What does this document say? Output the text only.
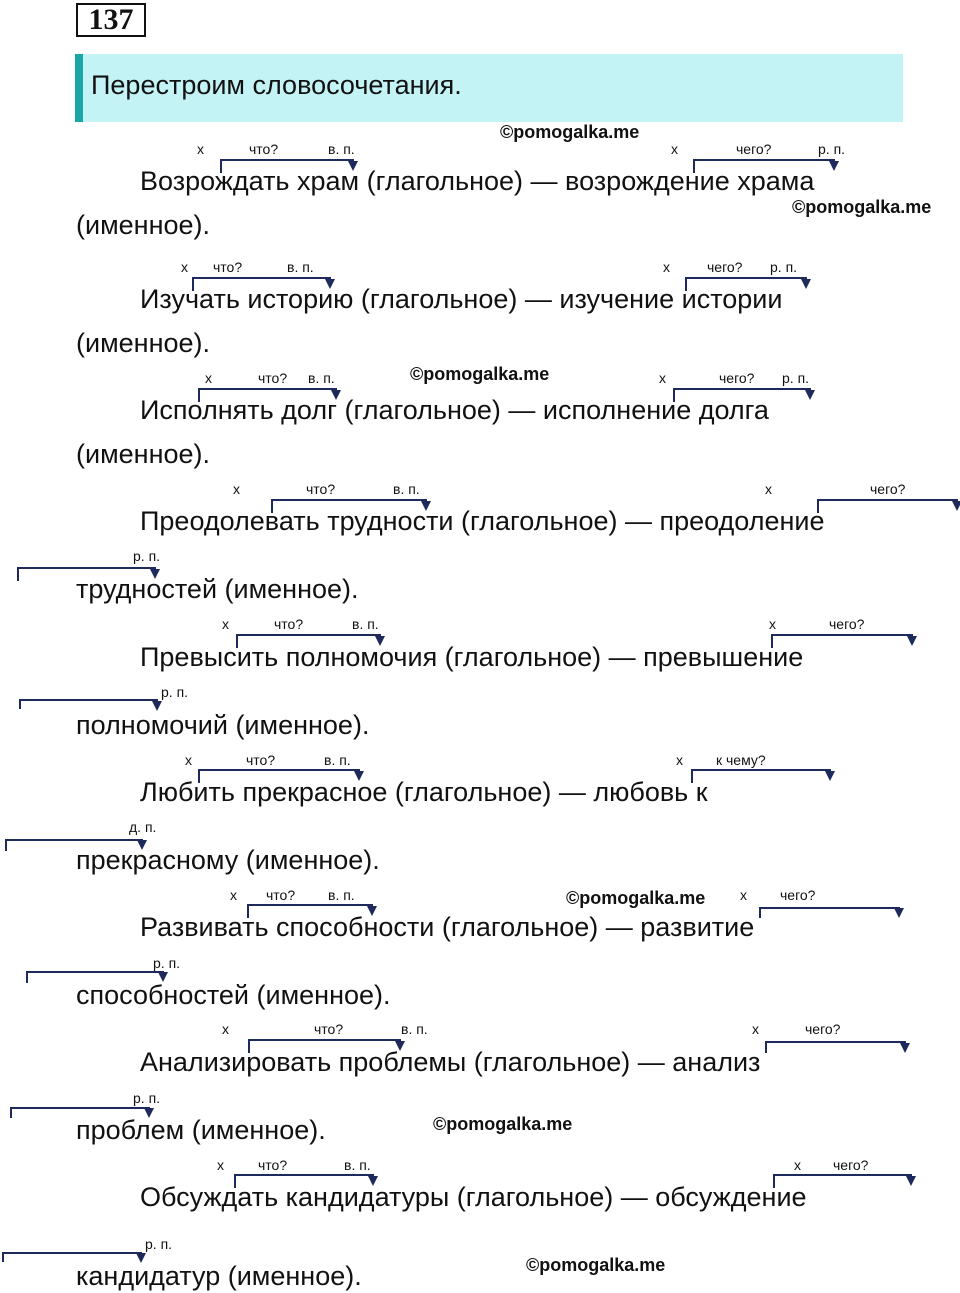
137
Перестроим словосочетания.
х	что?	в. п.	х	чего?	р. п.
©pomogalka.me
Возрождать храм (глагольное) — возрождение храма
©pomogalka.me
(именное).
х что?	в. п.	х	чего? р. п.
Изучать историю (глагольное) — изучение истории
(именное).
х	что? в. п.	©pomogalka.me	х	чего? р. п.
Исполнять долг (глагольное) — исполнение долга
(именное).
х	что?	в. п.	х	чего?
Преодолевать трудности (глагольное) — преодоление
р. п.
трудностей (именное).
х	что?	в. п.	х	чего?
Превысить полномочия (глагольное) — превышение
р. п.
полномочий (именное).
х	что?	в. п.	х к чему?
Любить прекрасное (глагольное) — любовь к
д. п.
прекрасному (именное).
х что? в. п.	©pomogalka.me х чего?
Развивать способности (глагольное) — развитие
р. п.
способностей (именное).
х	что?	в. п.	х	чего?
Анализировать проблемы (глагольное) — анализ
р. п.
проблем (именное).	©pomogalka.me
х что?	в. п.	х чего?
Обсуждать кандидатуры (глагольное) — обсуждение
р. п.
кандидатур (именное).	©pomogalka.me
